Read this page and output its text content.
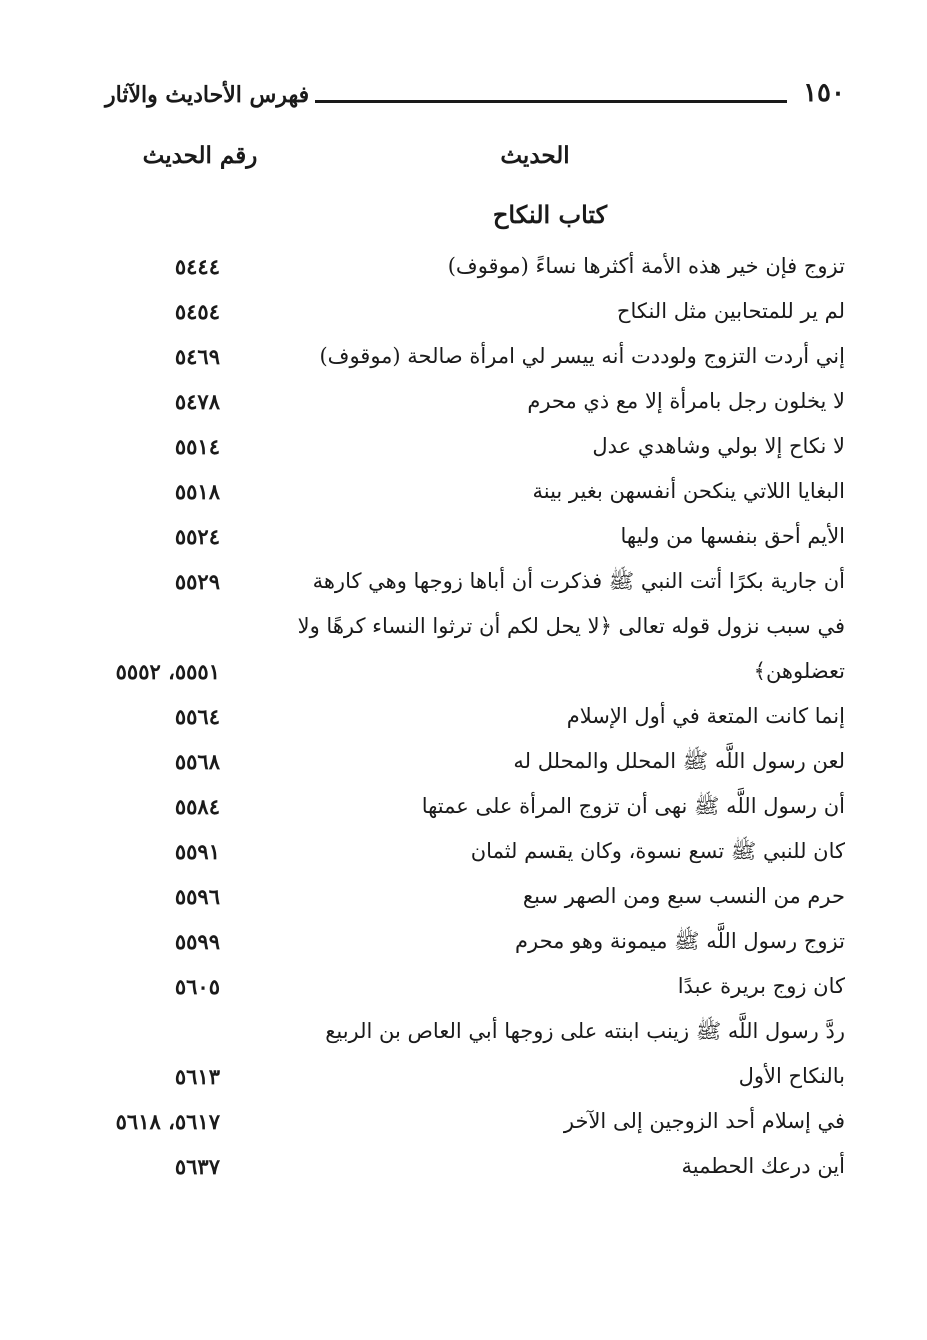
١٥٠
فهرس الأحاديث والآثار
الحديث
رقم الحديث
كتاب النكاح
تزوج فإن خير هذه الأمة أكثرها نساءً (موقوف)
٥٤٤٤
لم ير للمتحابين مثل النكاح
٥٤٥٤
إني أردت التزوج ولوددت أنه ييسر لي امرأة صالحة (موقوف)
٥٤٦٩
لا يخلون رجل بامرأة إلا مع ذي محرم
٥٤٧٨
لا نكاح إلا بولي وشاهدي عدل
٥٥١٤
البغايا اللاتي ينكحن أنفسهن بغير بينة
٥٥١٨
الأيم أحق بنفسها من وليها
٥٥٢٤
أن جارية بكرًا أتت النبي ﷺ فذكرت أن أباها زوجها وهي كارهة
٥٥٢٩
في سبب نزول قوله تعالى ﴿لا يحل لكم أن ترثوا النساء كرهًا ولا تعضلوهن﴾
٥٥٥١، ٥٥٥٢
إنما كانت المتعة في أول الإسلام
٥٥٦٤
لعن رسول اللَّه ﷺ المحلل والمحلل له
٥٥٦٨
أن رسول اللَّه ﷺ نهى أن تزوج المرأة على عمتها
٥٥٨٤
كان للنبي ﷺ تسع نسوة، وكان يقسم لثمان
٥٥٩١
حرم من النسب سبع ومن الصهر سبع
٥٥٩٦
تزوج رسول اللَّه ﷺ ميمونة وهو محرم
٥٥٩٩
كان زوج بريرة عبدًا
٥٦٠٥
ردَّ رسول اللَّه ﷺ زينب ابنته على زوجها أبي العاص بن الربيع بالنكاح الأول
٥٦١٣
في إسلام أحد الزوجين إلى الآخر
٥٦١٧، ٥٦١٨
أين درعك الحطمية
٥٦٣٧
